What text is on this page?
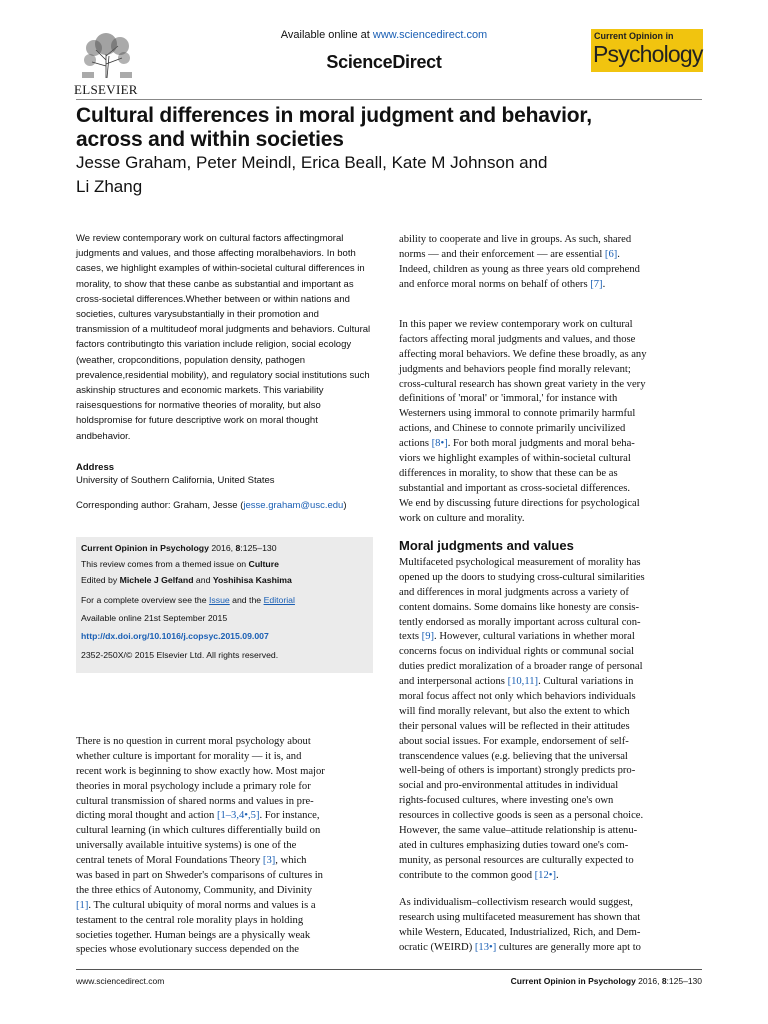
ELSEVIER
Available online at www.sciencedirect.com
ScienceDirect
Current Opinion in
Psychology
Cultural differences in moral judgment and behavior,
across and within societies
Jesse Graham, Peter Meindl, Erica Beall, Kate M Johnson and
Li Zhang
We review contemporary work on cultural factors affectingmoral judgments and values, and those affecting moralbehaviors. In both cases, we highlight examples of within-societal cultural differences in morality, to show that these canbe as substantial and important as cross-societal differences.Whether between or within nations and societies, cultures varysubstantially in their promotion and transmission of a multitudeof moral judgments and behaviors. Cultural factors contributingto this variation include religion, social ecology (weather, cropconditions, population density, pathogen prevalence,residential mobility), and regulatory social institutions such askinship structures and economic markets. This variability raisesquestions for normative theories of morality, but also holdspromise for future descriptive work on moral thought andbehavior.
Address
University of Southern California, United States
Corresponding author: Graham, Jesse (jesse.graham@usc.edu)
Current Opinion in Psychology 2016, 8:125–130
This review comes from a themed issue on Culture
Edited by Michele J Gelfand and Yoshihisa Kashima
For a complete overview see the Issue and the Editorial
Available online 21st September 2015
http://dx.doi.org/10.1016/j.copsyc.2015.09.007
2352-250X/© 2015 Elsevier Ltd. All rights reserved.
There is no question in current moral psychology about
whether culture is important for morality — it is, and
recent work is beginning to show exactly how. Most major
theories in moral psychology include a primary role for
cultural transmission of shared norms and values in pre-
dicting moral thought and action [1–3,4•,5]. For instance,
cultural learning (in which cultures differentially build on
universally available intuitive systems) is one of the
central tenets of Moral Foundations Theory [3], which
was based in part on Shweder's comparisons of cultures in
the three ethics of Autonomy, Community, and Divinity
[1]. The cultural ubiquity of moral norms and values is a
testament to the central role morality plays in holding
societies together. Human beings are a physically weak
species whose evolutionary success depended on the
ability to cooperate and live in groups. As such, shared
norms — and their enforcement — are essential [6].
Indeed, children as young as three years old comprehend
and enforce moral norms on behalf of others [7].
In this paper we review contemporary work on cultural
factors affecting moral judgments and values, and those
affecting moral behaviors. We define these broadly, as any
judgments and behaviors people find morally relevant;
cross-cultural research has shown great variety in the very
definitions of 'moral' or 'immoral,' for instance with
Westerners using immoral to connote primarily harmful
actions, and Chinese to connote primarily uncivilized
actions [8•]. For both moral judgments and moral beha-
viors we highlight examples of within-societal cultural
differences in morality, to show that these can be as
substantial and important as cross-societal differences.
We end by discussing future directions for psychological
work on culture and morality.
Moral judgments and values
Multifaceted psychological measurement of morality has
opened up the doors to studying cross-cultural similarities
and differences in moral judgments across a variety of
content domains. Some domains like honesty are consis-
tently endorsed as morally important across cultural con-
texts [9]. However, cultural variations in whether moral
concerns focus on individual rights or communal social
duties predict moralization of a broader range of personal
and interpersonal actions [10,11]. Cultural variations in
moral focus affect not only which behaviors individuals
will find morally relevant, but also the extent to which
their personal values will be reflected in their attitudes
about social issues. For example, endorsement of self-
transcendence values (e.g. believing that the universal
well-being of others is important) strongly predicts pro-
social and pro-environmental attitudes in individual
rights-focused cultures, where investing one's own
resources in collective goods is seen as a personal choice.
However, the same value–attitude relationship is attenu-
ated in cultures emphasizing duties toward one's com-
munity, as personal resources are culturally expected to
contribute to the common good [12•].
As individualism–collectivism research would suggest,
research using multifaceted measurement has shown that
while Western, Educated, Industrialized, Rich, and Dem-
ocratic (WEIRD) [13•] cultures are generally more apt to
www.sciencedirect.com	Current Opinion in Psychology 2016, 8:125–130
